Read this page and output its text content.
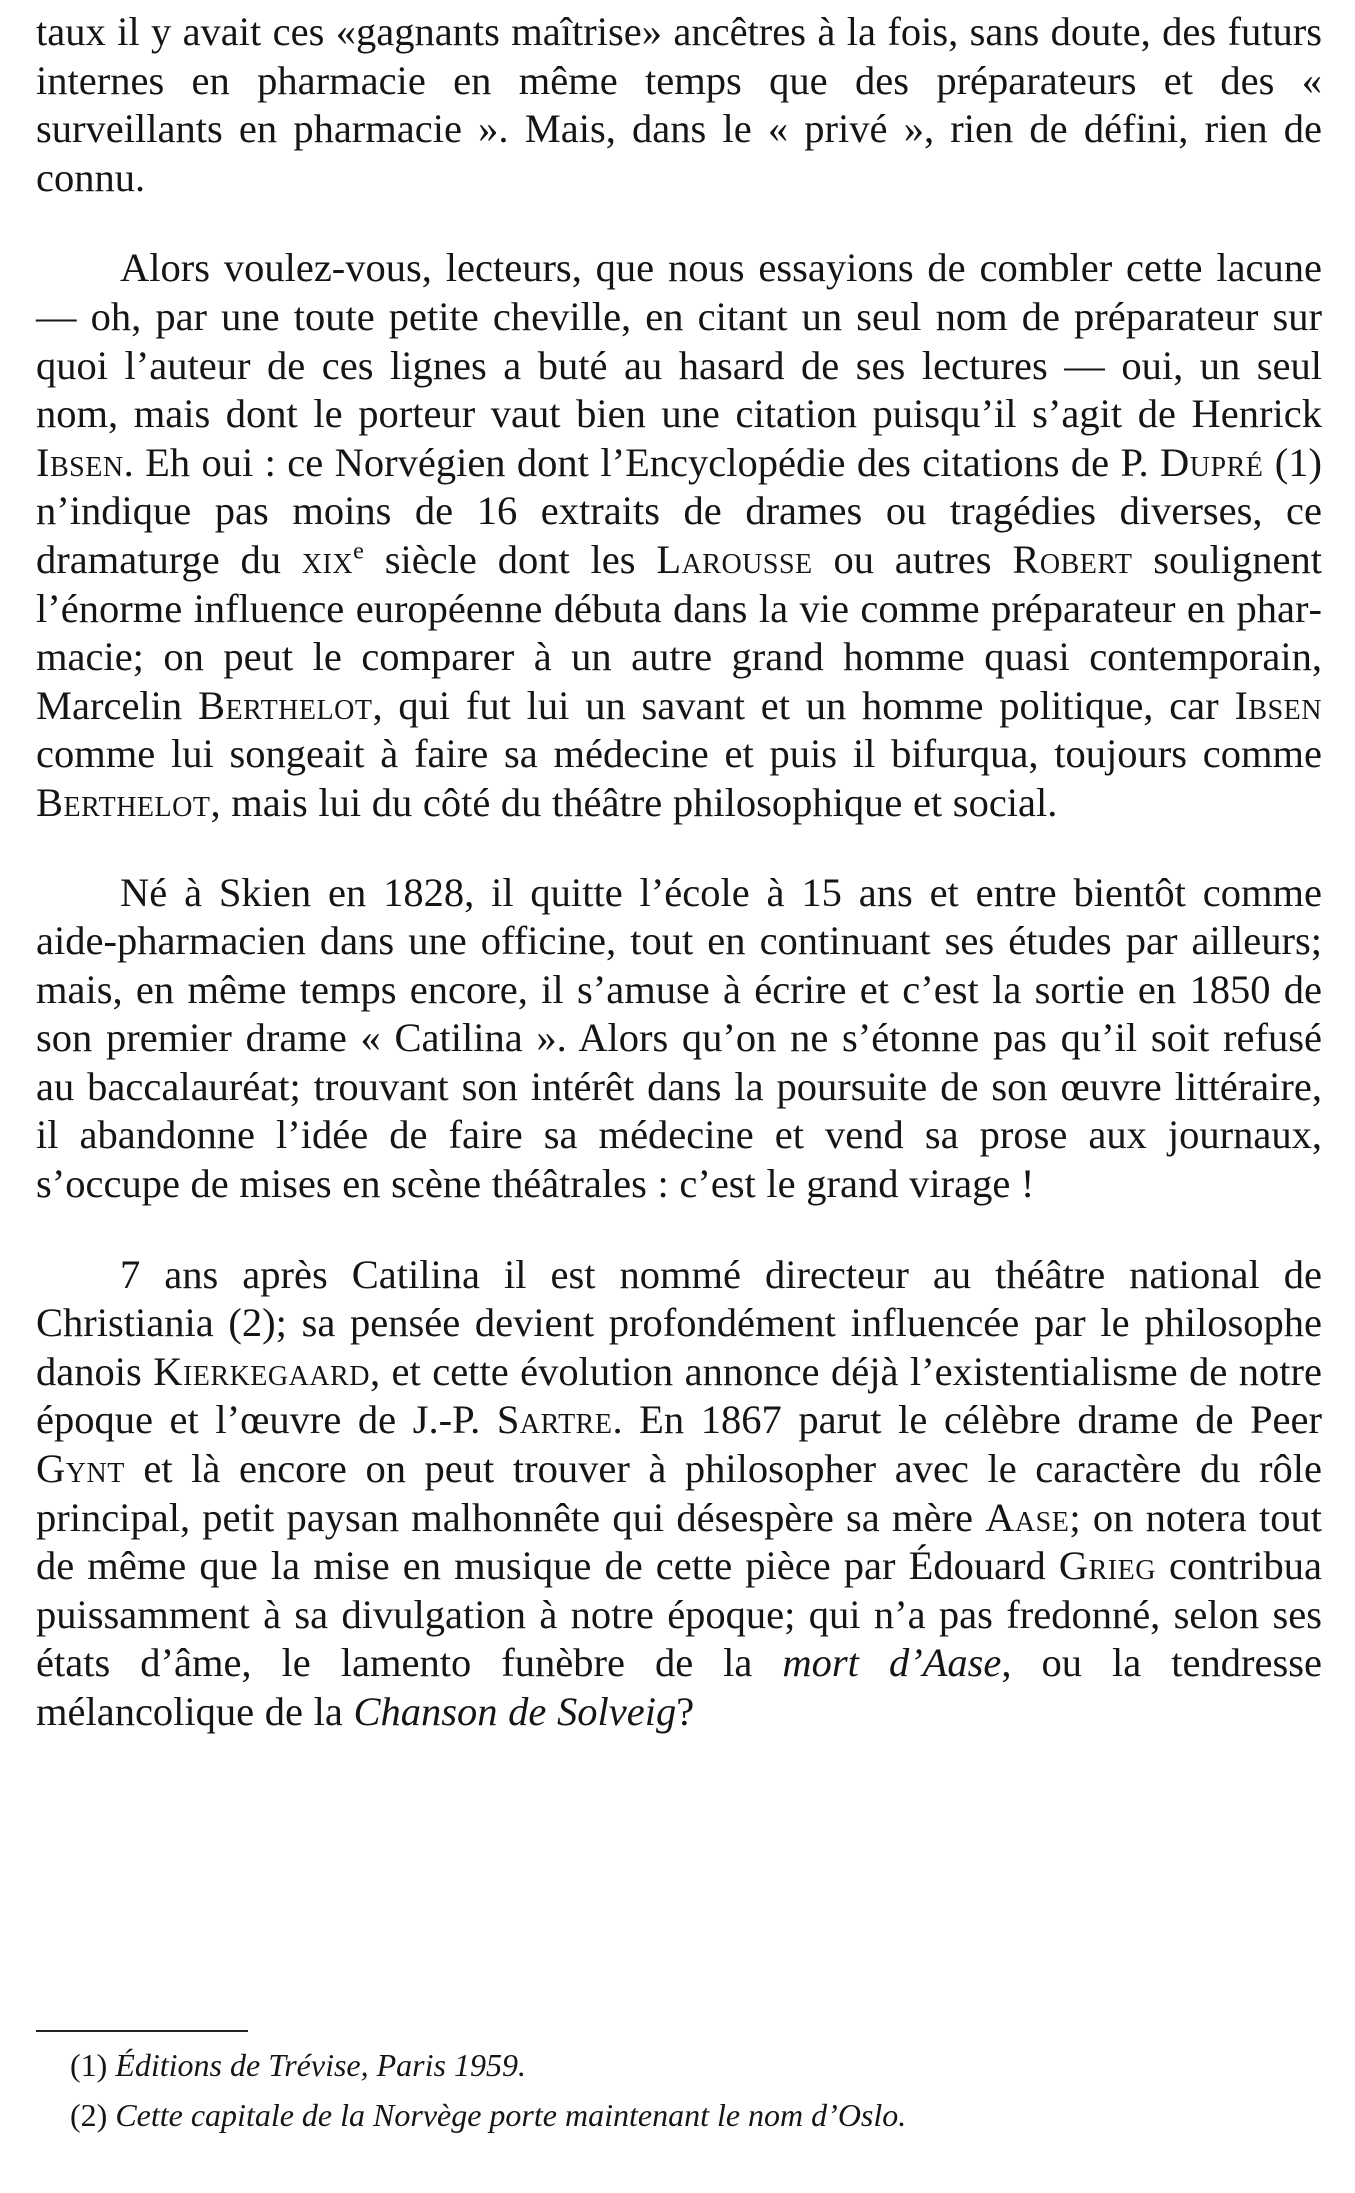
taux il y avait ces «gagnants maîtrise» ancêtres à la fois, sans doute, des futurs internes en pharmacie en même temps que des préparateurs et des « surveillants en pharmacie ». Mais, dans le « privé », rien de défini, rien de connu.

Alors voulez-vous, lecteurs, que nous essayions de combler cette lacune — oh, par une toute petite cheville, en citant un seul nom de préparateur sur quoi l’auteur de ces lignes a buté au hasard de ses lectures — oui, un seul nom, mais dont le porteur vaut bien une citation puisqu’il s’agit de Henrick Ibsen. Eh oui : ce Norvégien dont l’Encyclopédie des citations de P. Dupré (1) n’indique pas moins de 16 extraits de drames ou tragédies diverses, ce dramaturge du xix$^e$ siècle dont les Larousse ou autres Robert soulignent l’énorme influence européenne débuta dans la vie comme préparateur en pharmacie; on peut le comparer à un autre grand homme quasi contemporain, Marcelin Berthelot, qui fut lui un savant et un homme politique, car Ibsen comme lui songeait à faire sa médecine et puis il bifurqua, toujours comme Berthelot, mais lui du côté du théâtre philosophique et social.

Né à Skien en 1828, il quitte l’école à 15 ans et entre bientôt comme aide-pharmacien dans une officine, tout en continuant ses études par ailleurs; mais, en même temps encore, il s’amuse à écrire et c’est la sortie en 1850 de son premier drame « Catilina ». Alors qu’on ne s’étonne pas qu’il soit refusé au baccalauréat; trouvant son intérêt dans la poursuite de son œuvre littéraire, il abandonne l’idée de faire sa médecine et vend sa prose aux journaux, s’occupe de mises en scène théâtrales : c’est le grand virage !

7 ans après Catilina il est nommé directeur au théâtre national de Christiania (2); sa pensée devient profondément influencée par le philosophe danois Kierkegaard, et cette évolution annonce déjà l’existentialisme de notre époque et l’œuvre de J.-P. Sartre. En 1867 parut le célèbre drame de Peer Gynt et là encore on peut trouver à philosopher avec le caractère du rôle principal, petit paysan malhonnête qui désespère sa mère Aase; on notera tout de même que la mise en musique de cette pièce par Édouard Grieg contribua puissamment à sa divulgation à notre époque; qui n’a pas fredonné, selon ses états d’âme, le lamento funèbre de la mort d’Aase, ou la tendresse mélancolique de la Chanson de Solveig?

(1) Éditions de Trévise, Paris 1959.

(2) Cette capitale de la Norvège porte maintenant le nom d’Oslo.
